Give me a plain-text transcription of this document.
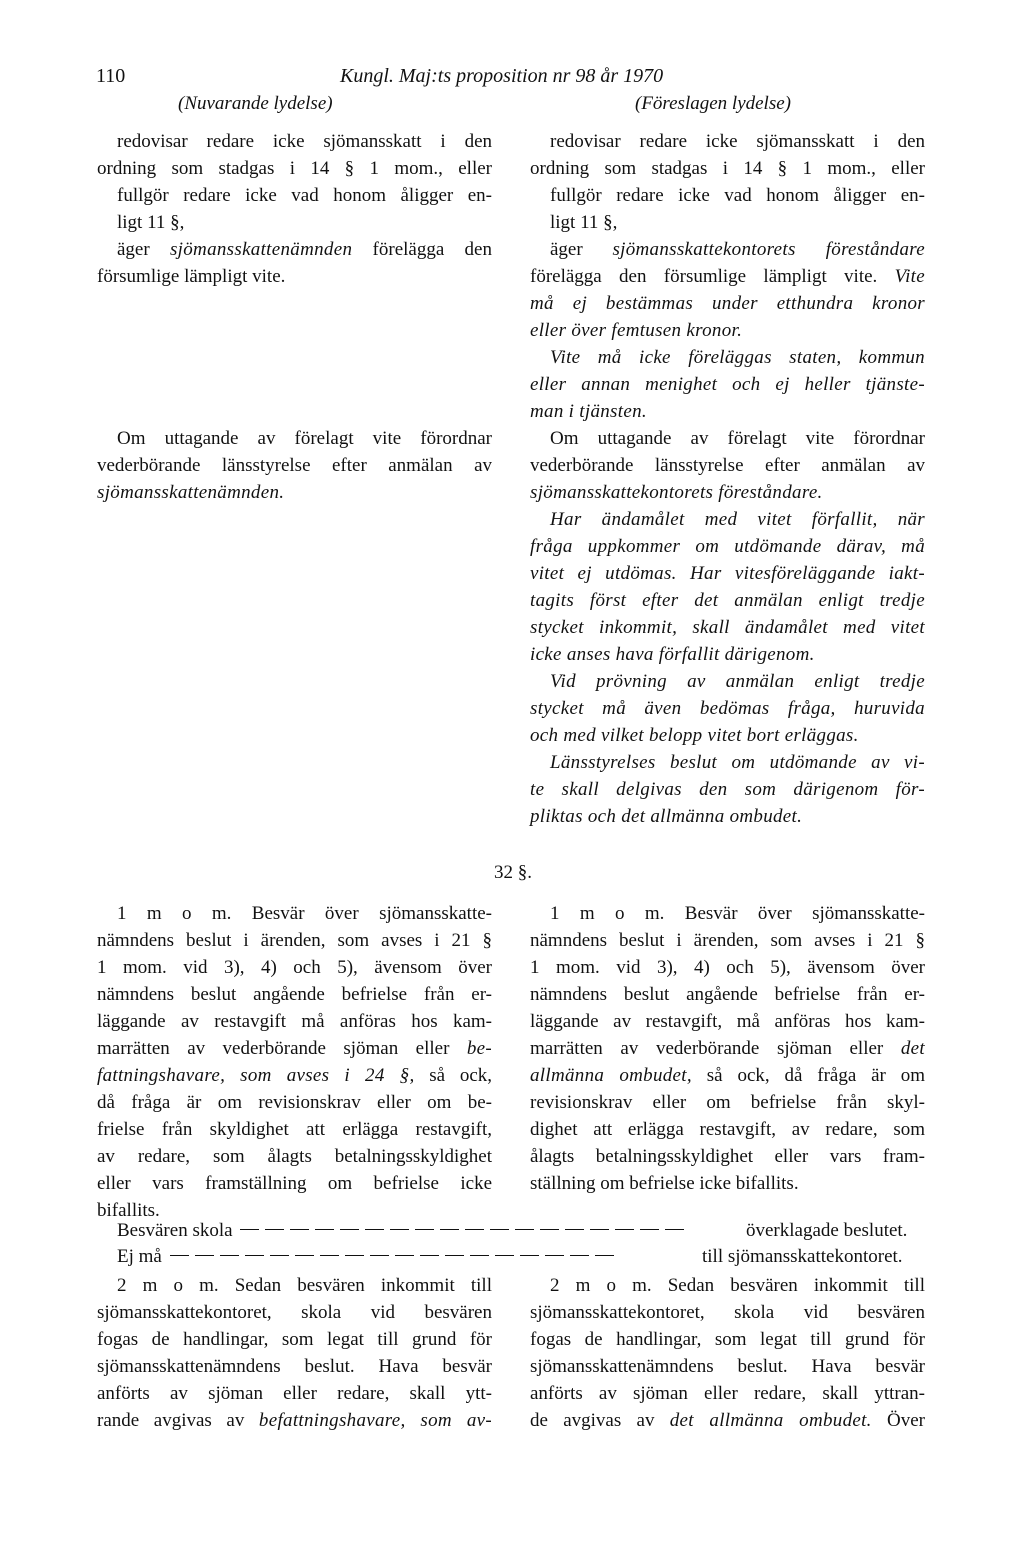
110	Kungl. Maj:ts proposition nr 98 år 1970
(Nuvarande lydelse)	(Föreslagen lydelse)

redovisar redare icke sjömansskatt i den
ordning som stadgas i 14 § 1 mom., eller
fullgör redare icke vad honom åligger en-
ligt 11 §,

äger sjömansskattenämnden förelägga den
försumlige lämpligt vite.

Om uttagande av förelagt vite förordnar
vederbörande länsstyrelse efter anmälan av
sjömansskattenämnden.

redovisar redare icke sjömansskatt i den
ordning som stadgas i 14 § 1 mom., eller
fullgör redare icke vad honom åligger en-
ligt 11 §,

äger sjömansskattekontorets föreståndare
förelägga den försumlige lämpligt vite. Vite
må ej bestämmas under etthundra kronor
eller över femtusen kronor.

Vite må icke föreläggas staten, kommun
eller annan menighet och ej heller tjänste-
man i tjänsten.

Om uttagande av förelagt vite förordnar
vederbörande länsstyrelse efter anmälan av
sjömansskattekontorets föreståndare.

Har ändamålet med vitet förfallit, när
fråga uppkommer om utdömande därav, må
vitet ej utdömas. Har vitesföreläggande iakt-
tagits först efter det anmälan enligt tredje
stycket inkommit, skall ändamålet med vitet
icke anses hava förfallit därigenom.

Vid prövning av anmälan enligt tredje
stycket må även bedömas fråga, huruvida
och med vilket belopp vitet bort erläggas.

Länsstyrelses beslut om utdömande av vi-
te skall delgivas den som därigenom för-
pliktas och det allmänna ombudet.

32 §.

1 m o m. Besvär över sjömansskatte-
nämndens beslut i ärenden, som avses i 21 §
1 mom. vid 3), 4) och 5), ävensom över
nämndens beslut angående befrielse från er-
läggande av restavgift må anföras hos kam-
marrätten av vederbörande sjöman eller be-
fattningshavare, som avses i 24 §, så ock,
då fråga är om revisionskrav eller om be-
frielse från skyldighet att erlägga restavgift,
av redare, som ålagts betalningsskyldighet
eller vars framställning om befrielse icke
bifallits.

Besvären skola	överklagade beslutet.
Ej må	till sjömansskattekontoret.

2 m o m. Sedan besvären inkommit till
sjömansskattekontoret, skola vid besvären
fogas de handlingar, som legat till grund för
sjömansskattenämndens beslut. Hava besvär
anförts av sjöman eller redare, skall ytt-
rande avgivas av befattningshavare, som av-

1 m o m. Besvär över sjömansskatte-
nämndens beslut i ärenden, som avses i 21 §
1 mom. vid 3), 4) och 5), ävensom över
nämndens beslut angående befrielse från er-
läggande av restavgift, må anföras hos kam-
marrätten av vederbörande sjöman eller det
allmänna ombudet, så ock, då fråga är om
revisionskrav eller om befrielse från skyl-
dighet att erlägga restavgift, av redare, som
ålagts betalningsskyldighet eller vars fram-
ställning om befrielse icke bifallits.

2 m o m. Sedan besvären inkommit till
sjömansskattekontoret, skola vid besvären
fogas de handlingar, som legat till grund för
sjömansskattenämndens beslut. Hava besvär
anförts av sjöman eller redare, skall yttran-
de avgivas av det allmänna ombudet. Över
